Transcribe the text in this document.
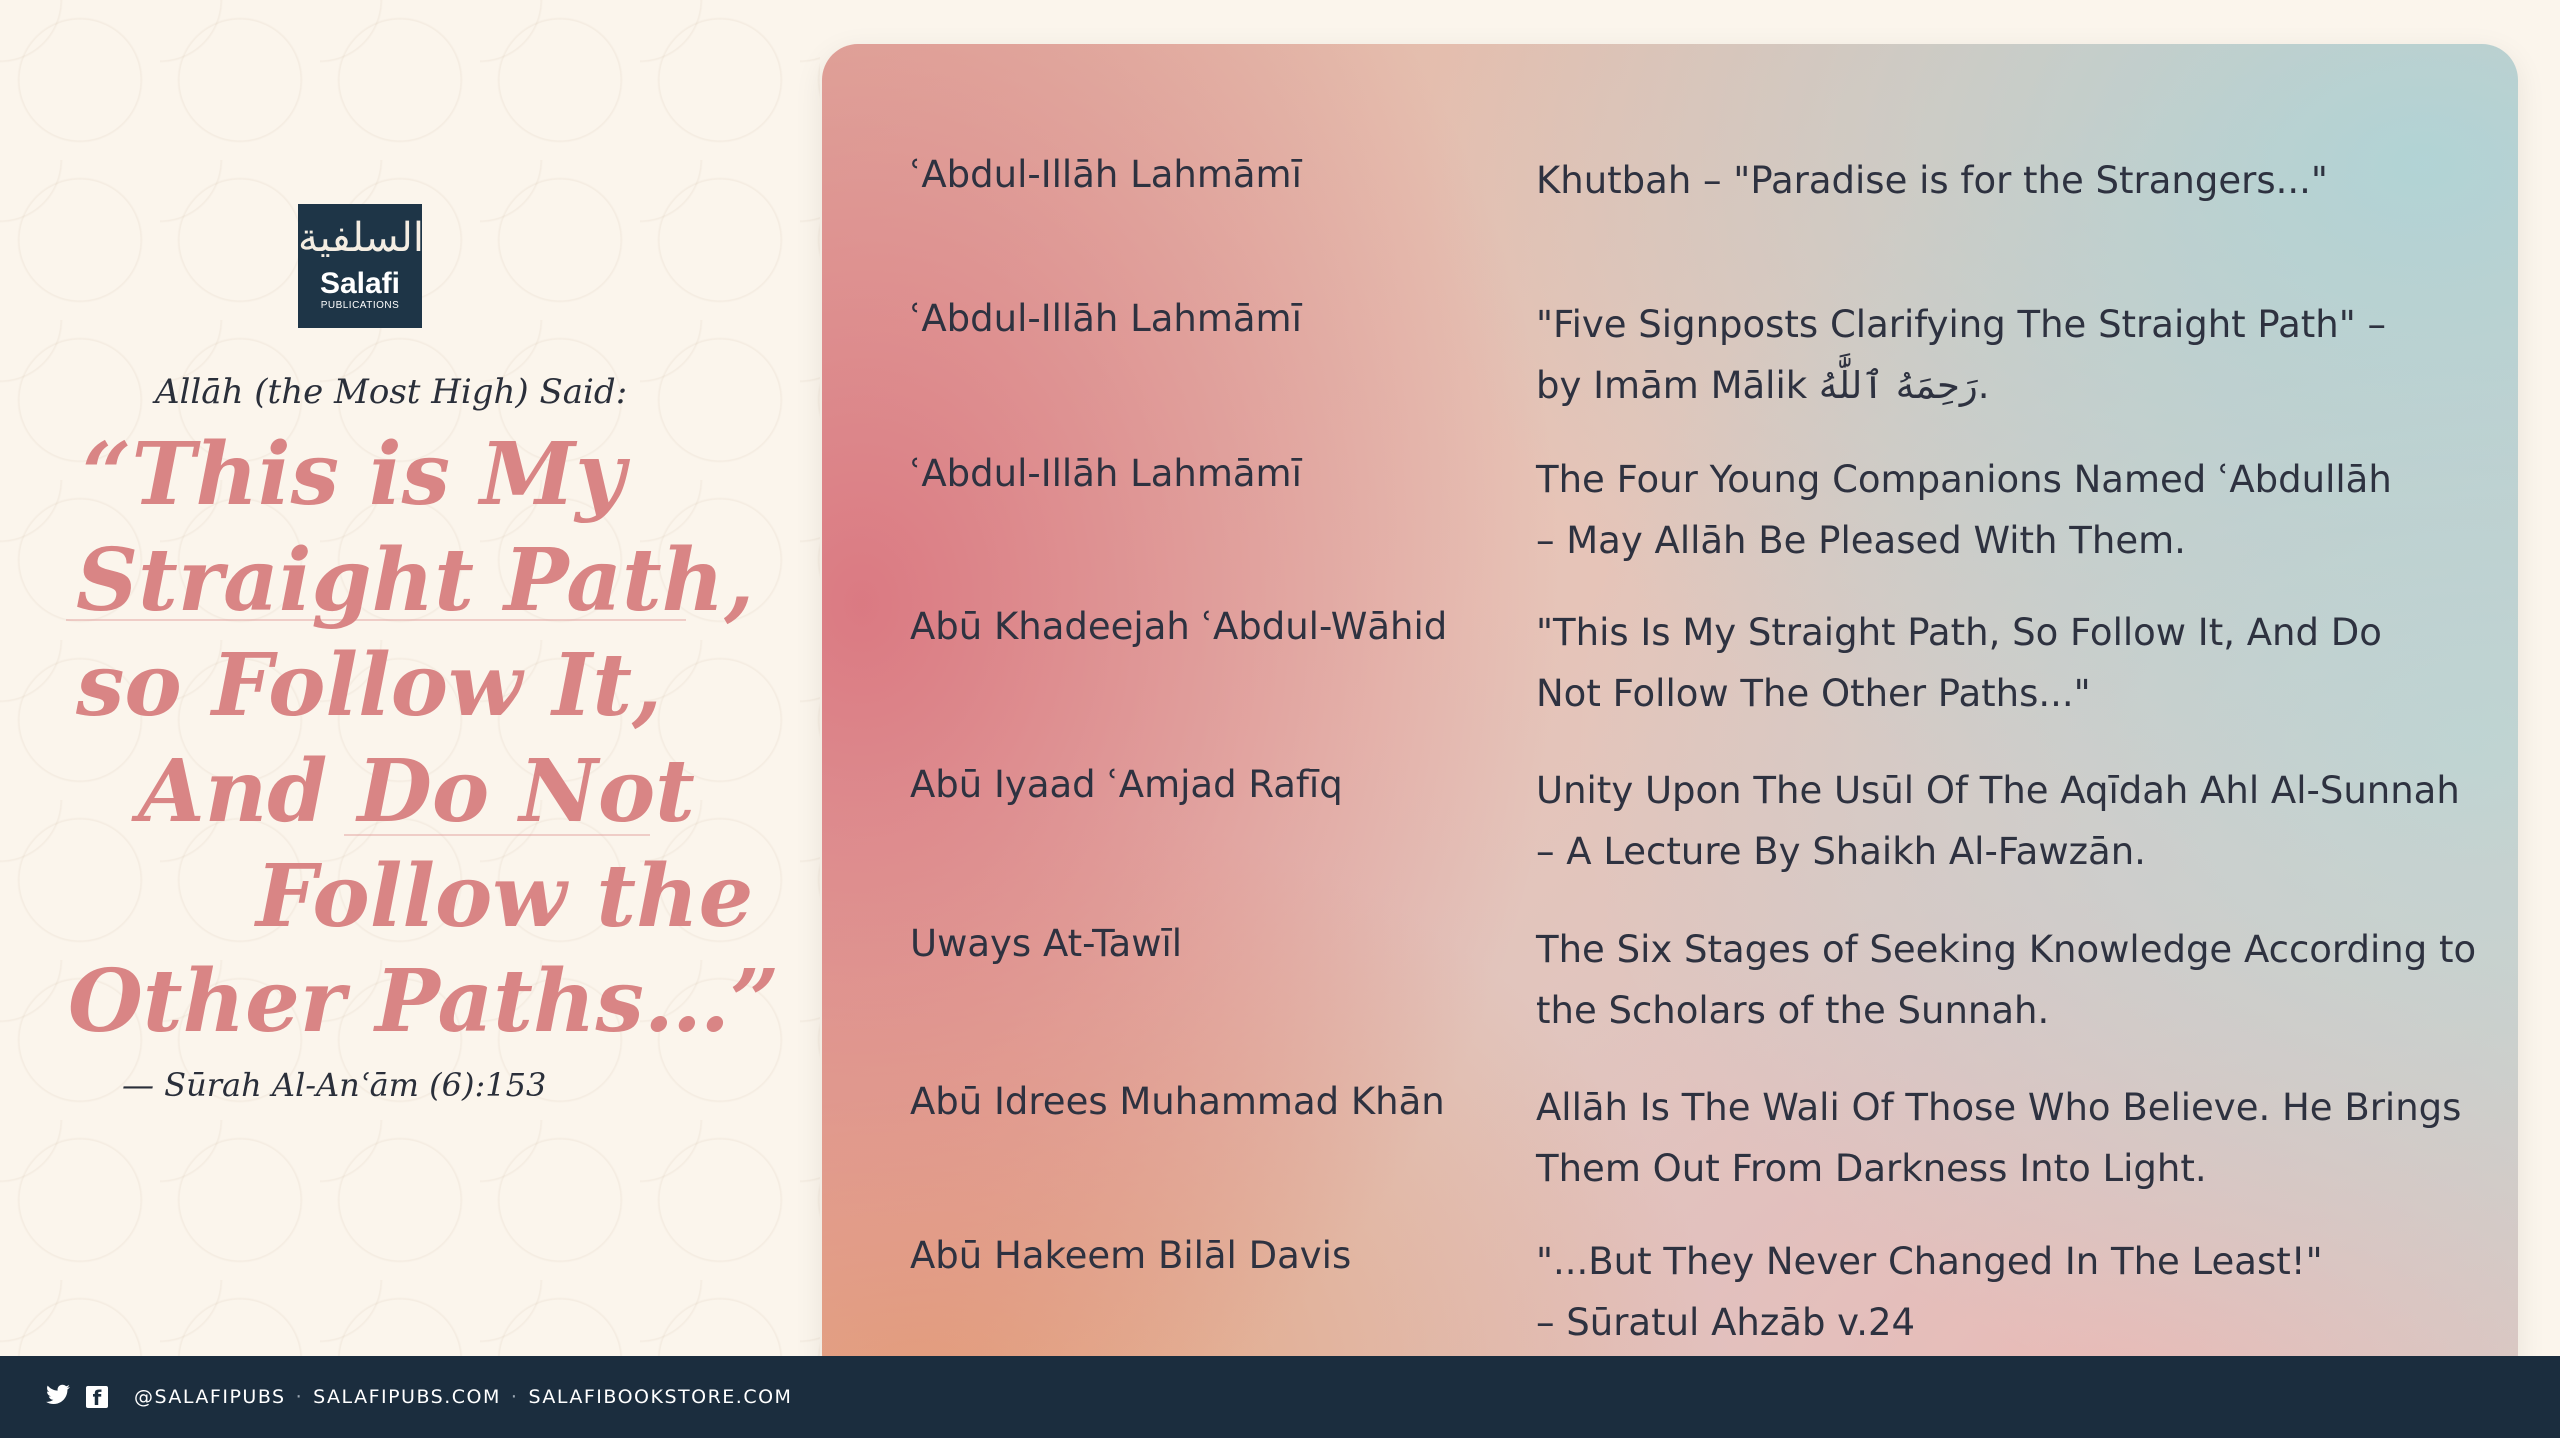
السلفية
Salafi
PUBLICATIONS
Allāh (the Most High) Said:
“This is My
Straight Path,
so Follow It,
And Do Not
Follow the
Other Paths…”
— Sūrah Al-Anʿām (6):153
ʿAbdul-Illāh Lahmāmī	Khutbah – "Paradise is for the Strangers..."
ʿAbdul-Illāh Lahmāmī	"Five Signposts Clarifying The Straight Path" –
by Imām Mālik رَحِمَهُ ٱللَّٰهُ.
ʿAbdul-Illāh Lahmāmī	The Four Young Companions Named ʿAbdullāh
– May Allāh Be Pleased With Them.
Abū Khadeejah ʿAbdul-Wāhid	"This Is My Straight Path, So Follow It, And Do
Not Follow The Other Paths..."
Abū Iyaad ʿAmjad Rafīq	Unity Upon The Usūl Of The Aqīdah Ahl Al-Sunnah
– A Lecture By Shaikh Al-Fawzān.
Uways At-Tawīl	The Six Stages of Seeking Knowledge According to
the Scholars of the Sunnah.
Abū Idrees Muhammad Khān	Allāh Is The Wali Of Those Who Believe. He Brings
Them Out From Darkness Into Light.
Abū Hakeem Bilāl Davis	"...But They Never Changed In The Least!"
– Sūratul Ahzāb v.24
f	@SALAFIPUBS · SALAFIPUBS.COM · SALAFIBOOKSTORE.COM
